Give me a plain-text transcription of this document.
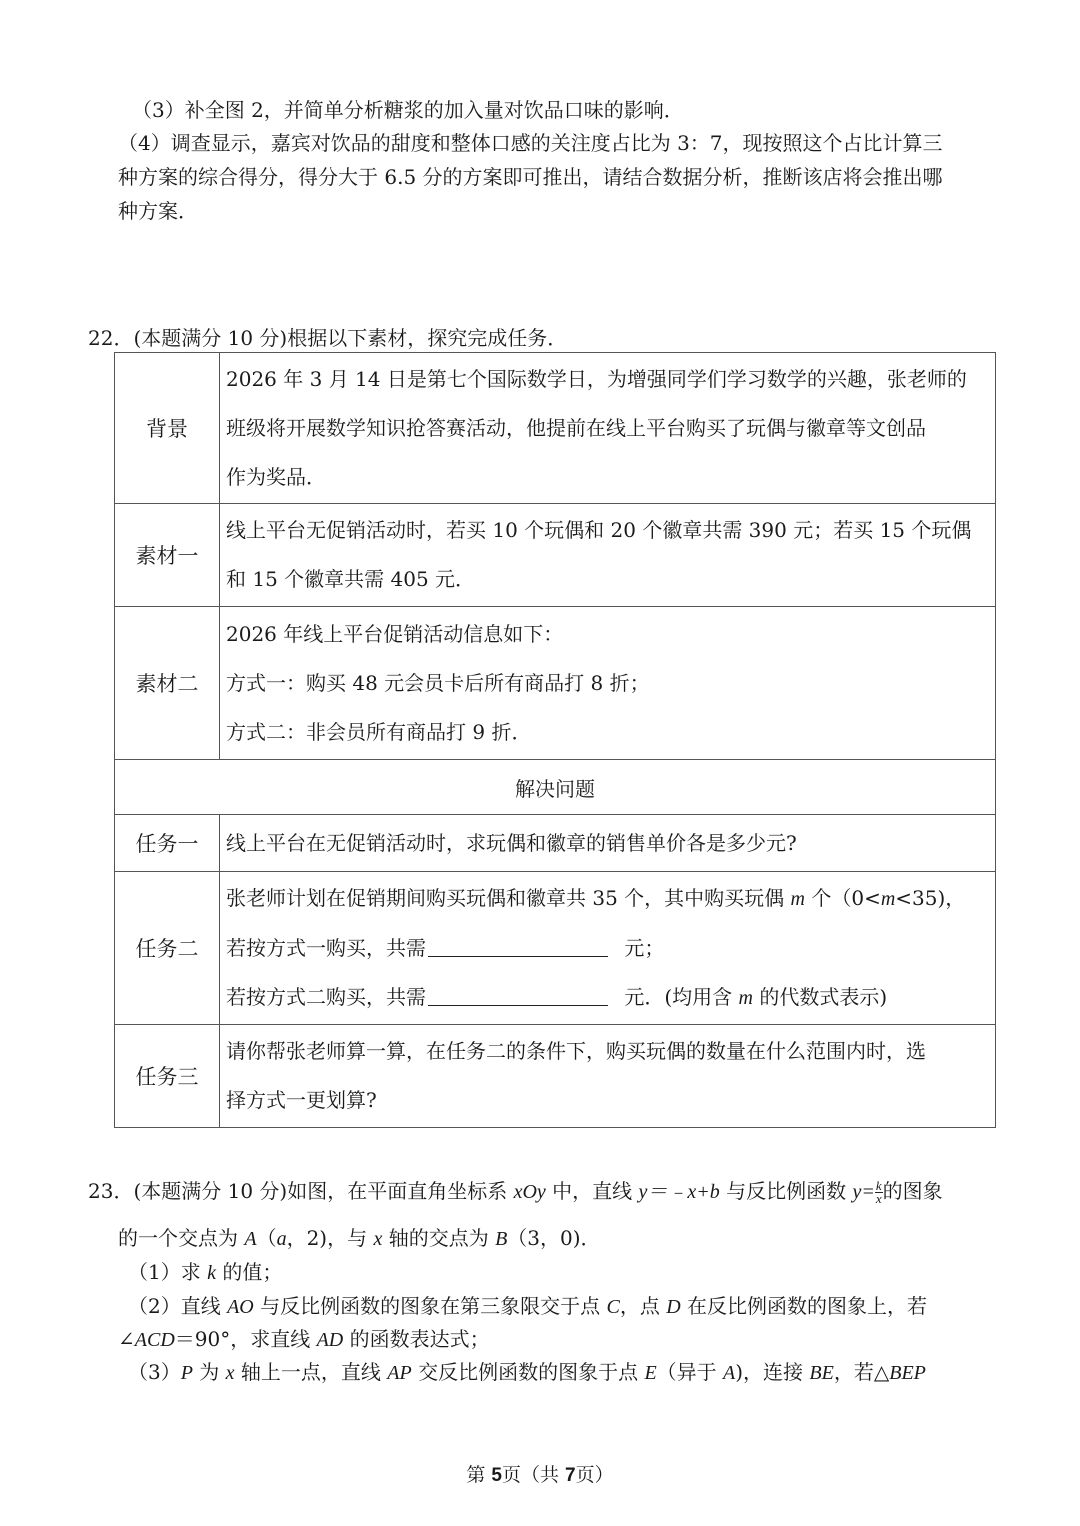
（3）补全图 2，并简单分析糖浆的加入量对饮品口味的影响．
（4）调查显示，嘉宾对饮品的甜度和整体口感的关注度占比为 3：7，现按照这个占比计算三
种方案的综合得分，得分大于 6.5 分的方案即可推出，请结合数据分析，推断该店将会推出哪
种方案．
22．(本题满分 10 分)根据以下素材，探究完成任务．
背景	2026 年 3 月 14 日是第七个国际数学日，为增强同学们学习数学的兴趣，张老师的
班级将开展数学知识抢答赛活动，他提前在线上平台购买了玩偶与徽章等文创品
作为奖品．

素材一	线上平台无促销活动时，若买 10 个玩偶和 20 个徽章共需 390 元；若买 15 个玩偶
和 15 个徽章共需 405 元．

素材二	2026 年线上平台促销活动信息如下：
方式一：购买 48 元会员卡后所有商品打 8 折；
方式二：非会员所有商品打 9 折．

解决问题	
任务一	线上平台在无促销活动时，求玩偶和徽章的销售单价各是多少元?

任务二	张老师计划在促销期间购买玩偶和徽章共 35 个，其中购买玩偶 m 个（0<m<35)，
若按方式一购买，共需 元；
若按方式二购买，共需 元．(均用含 m 的代数式表示)

任务三	请你帮张老师算一算，在任务二的条件下，购买玩偶的数量在什么范围内时，选
择方式一更划算?
23．(本题满分 10 分)如图，在平面直角坐标系 xOy 中，直线 y＝﹣x+b 与反比例函数 $y= \frac{k}{x}$ 的图象
的一个交点为 A（a，2)，与 x 轴的交点为 B（3，0)．
（1）求 k 的值；
（2）直线 AO 与反比例函数的图象在第三象限交于点 C，点 D 在反比例函数的图象上，若
∠ACD＝90°，求直线 AD 的函数表达式；
（3）P 为 x 轴上一点，直线 AP 交反比例函数的图象于点 E（异于 A)，连接 BE，若△BEP
第 5页（共 7页）
